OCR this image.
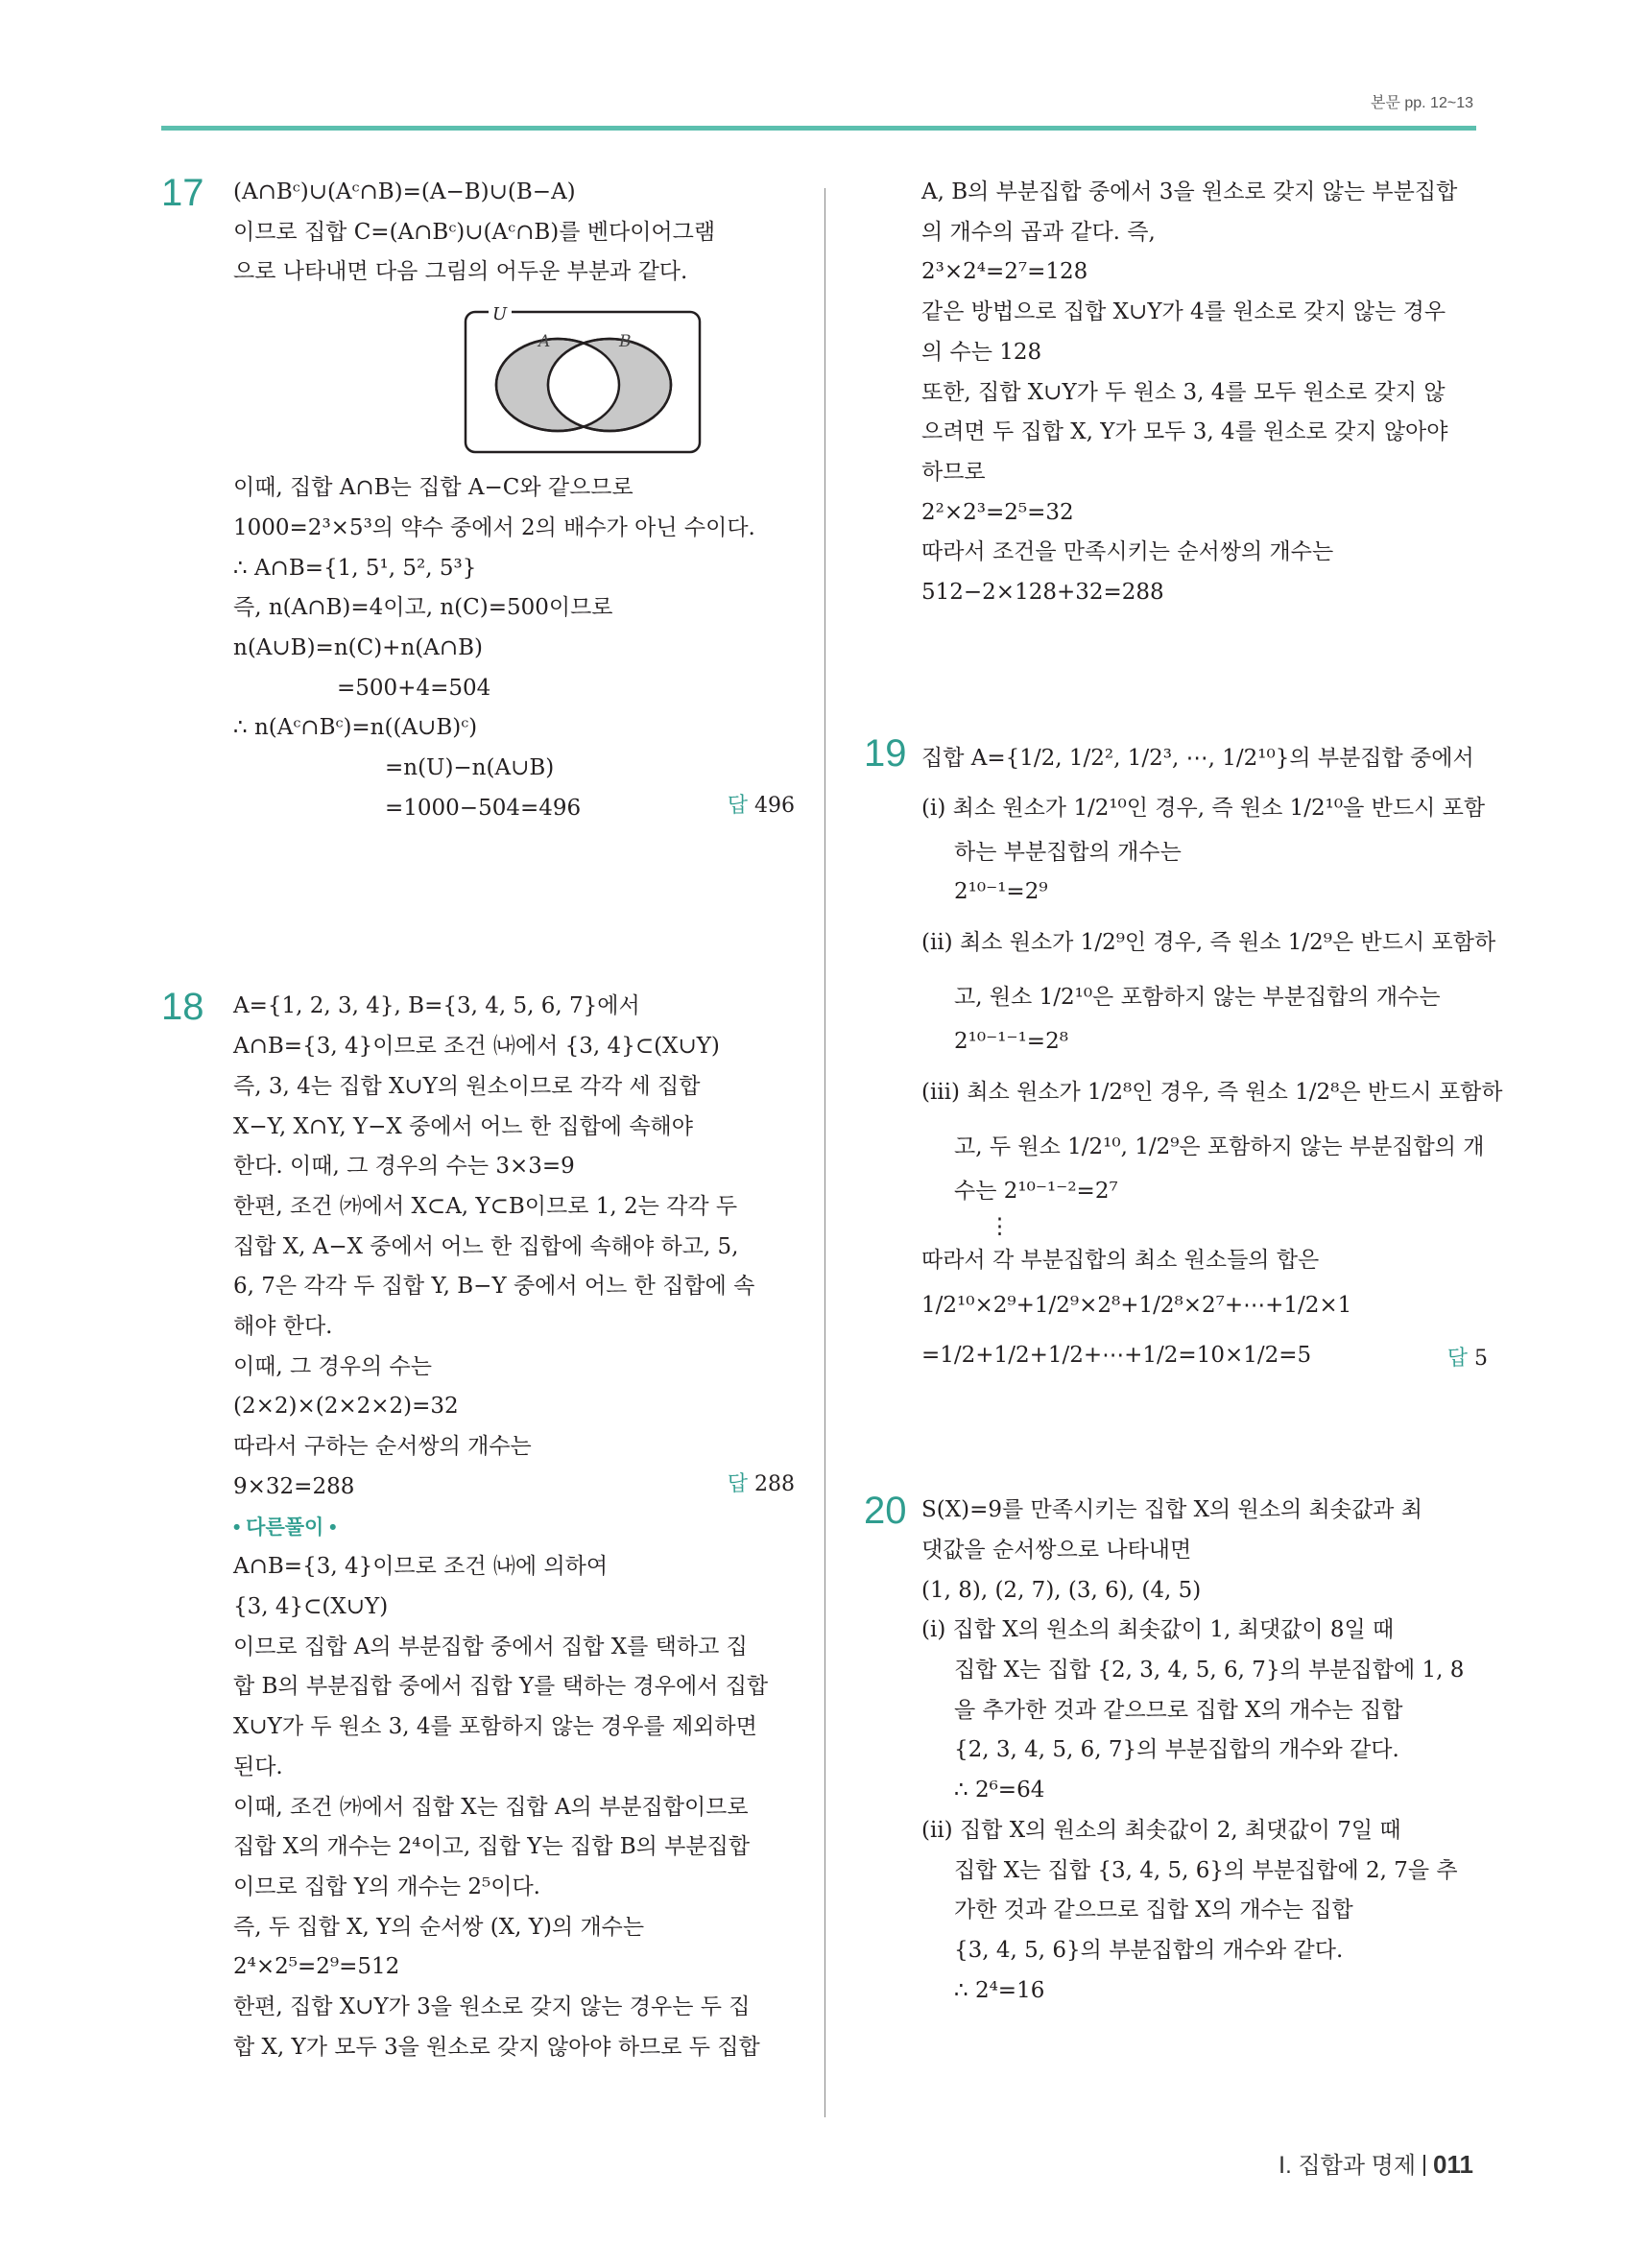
본문 pp. 12~13
17 (A∩Bᶜ)∪(Aᶜ∩B)=(A−B)∪(B−A)
이므로 집합 C=(A∩Bᶜ)∪(Aᶜ∩B)를 벤다이어그램
으로 나타내면 다음 그림의 어두운 부분과 같다.
U
A	B
이때, 집합 A∩B는 집합 A−C와 같으므로
1000=2³×5³의 약수 중에서 2의 배수가 아닌 수이다.
∴ A∩B={1, 5¹, 5², 5³}
즉, n(A∩B)=4이고, n(C)=500이므로
n(A∪B)=n(C)+n(A∩B)
=500+4=504
∴ n(Aᶜ∩Bᶜ)=n((A∪B)ᶜ)
=n(U)−n(A∪B)
=1000−504=496	답 496
18 A={1, 2, 3, 4}, B={3, 4, 5, 6, 7}에서
A∩B={3, 4}이므로 조건 ㈏에서 {3, 4}⊂(X∪Y)
즉, 3, 4는 집합 X∪Y의 원소이므로 각각 세 집합
X−Y, X∩Y, Y−X 중에서 어느 한 집합에 속해야
한다. 이때, 그 경우의 수는 3×3=9
한편, 조건 ㈎에서 X⊂A, Y⊂B이므로 1, 2는 각각 두
집합 X, A−X 중에서 어느 한 집합에 속해야 하고, 5,
6, 7은 각각 두 집합 Y, B−Y 중에서 어느 한 집합에 속
해야 한다.
이때, 그 경우의 수는
(2×2)×(2×2×2)=32
따라서 구하는 순서쌍의 개수는
9×32=288	답 288
• 다른풀이 •
A∩B={3, 4}이므로 조건 ㈏에 의하여
{3, 4}⊂(X∪Y)
이므로 집합 A의 부분집합 중에서 집합 X를 택하고 집
합 B의 부분집합 중에서 집합 Y를 택하는 경우에서 집합
X∪Y가 두 원소 3, 4를 포함하지 않는 경우를 제외하면
된다.
이때, 조건 ㈎에서 집합 X는 집합 A의 부분집합이므로
집합 X의 개수는 2⁴이고, 집합 Y는 집합 B의 부분집합
이므로 집합 Y의 개수는 2⁵이다.
즉, 두 집합 X, Y의 순서쌍 (X, Y)의 개수는
2⁴×2⁵=2⁹=512
한편, 집합 X∪Y가 3을 원소로 갖지 않는 경우는 두 집
합 X, Y가 모두 3을 원소로 갖지 않아야 하므로 두 집합
A, B의 부분집합 중에서 3을 원소로 갖지 않는 부분집합
의 개수의 곱과 같다. 즉,
2³×2⁴=2⁷=128
같은 방법으로 집합 X∪Y가 4를 원소로 갖지 않는 경우
의 수는 128
또한, 집합 X∪Y가 두 원소 3, 4를 모두 원소로 갖지 않
으려면 두 집합 X, Y가 모두 3, 4를 원소로 갖지 않아야
하므로
2²×2³=2⁵=32
따라서 조건을 만족시키는 순서쌍의 개수는
512−2×128+32=288
19 집합 A={1/2, 1/2², 1/2³, ⋯, 1/2¹⁰}의 부분집합 중에서
(ⅰ) 최소 원소가 1/2¹⁰인 경우, 즉 원소 1/2¹⁰을 반드시 포함
하는 부분집합의 개수는
2¹⁰⁻¹=2⁹
(ⅱ) 최소 원소가 1/2⁹인 경우, 즉 원소 1/2⁹은 반드시 포함하
고, 원소 1/2¹⁰은 포함하지 않는 부분집합의 개수는
2¹⁰⁻¹⁻¹=2⁸
(ⅲ) 최소 원소가 1/2⁸인 경우, 즉 원소 1/2⁸은 반드시 포함하
고, 두 원소 1/2¹⁰, 1/2⁹은 포함하지 않는 부분집합의 개
수는 2¹⁰⁻¹⁻²=2⁷
⋮
따라서 각 부분집합의 최소 원소들의 합은
1/2¹⁰×2⁹+1/2⁹×2⁸+1/2⁸×2⁷+⋯+1/2×1
=1/2+1/2+1/2+⋯+1/2=10×1/2=5	답 5
20 S(X)=9를 만족시키는 집합 X의 원소의 최솟값과 최
댓값을 순서쌍으로 나타내면
(1, 8), (2, 7), (3, 6), (4, 5)
(ⅰ) 집합 X의 원소의 최솟값이 1, 최댓값이 8일 때
집합 X는 집합 {2, 3, 4, 5, 6, 7}의 부분집합에 1, 8
을 추가한 것과 같으므로 집합 X의 개수는 집합
{2, 3, 4, 5, 6, 7}의 부분집합의 개수와 같다.
∴ 2⁶=64
(ⅱ) 집합 X의 원소의 최솟값이 2, 최댓값이 7일 때
집합 X는 집합 {3, 4, 5, 6}의 부분집합에 2, 7을 추
가한 것과 같으므로 집합 X의 개수는 집합
{3, 4, 5, 6}의 부분집합의 개수와 같다.
∴ 2⁴=16
Ⅰ. 집합과 명제 011
